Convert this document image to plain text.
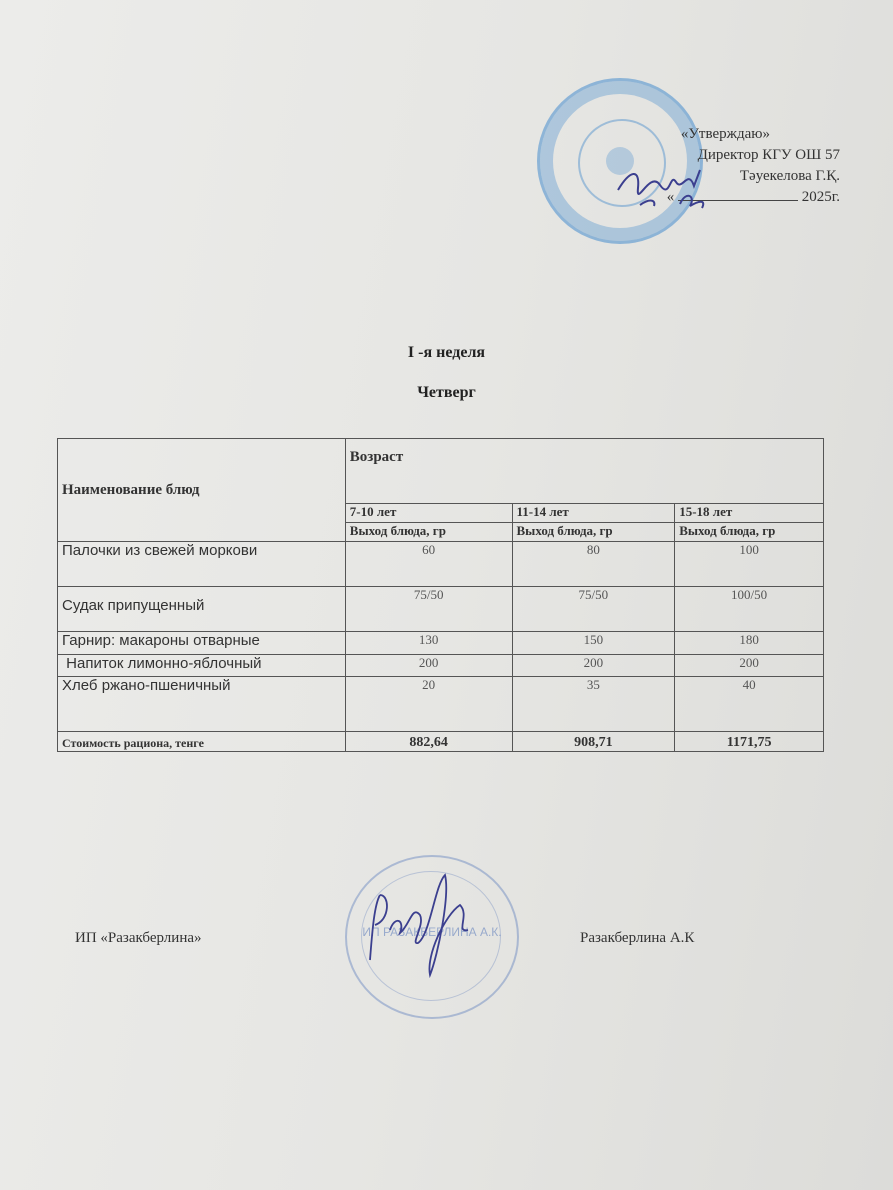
«Утверждаю»
Директор КГУ ОШ 57
Тәуекелова Г.Қ.
«	2025г.
I -я неделя
Четверг
Наименование блюд	Возраст		
	7-10 лет	11-14 лет	15-18 лет
	Выход блюда, гр	Выход блюда, гр	Выход блюда, гр
Палочки из свежей моркови	60	80	100
Судак припущенный	75/50	75/50	100/50
Гарнир: макароны отварные	130	150	180
Напиток лимонно-яблочный	200	200	200
Хлеб ржано-пшеничный	20	35	40
Стоимость рациона, тенге	882,64	908,71	1171,75
ИП «Разакберлина»	ИП РАЗАКБЕРЛИНА А.К.	Разакберлина А.К
